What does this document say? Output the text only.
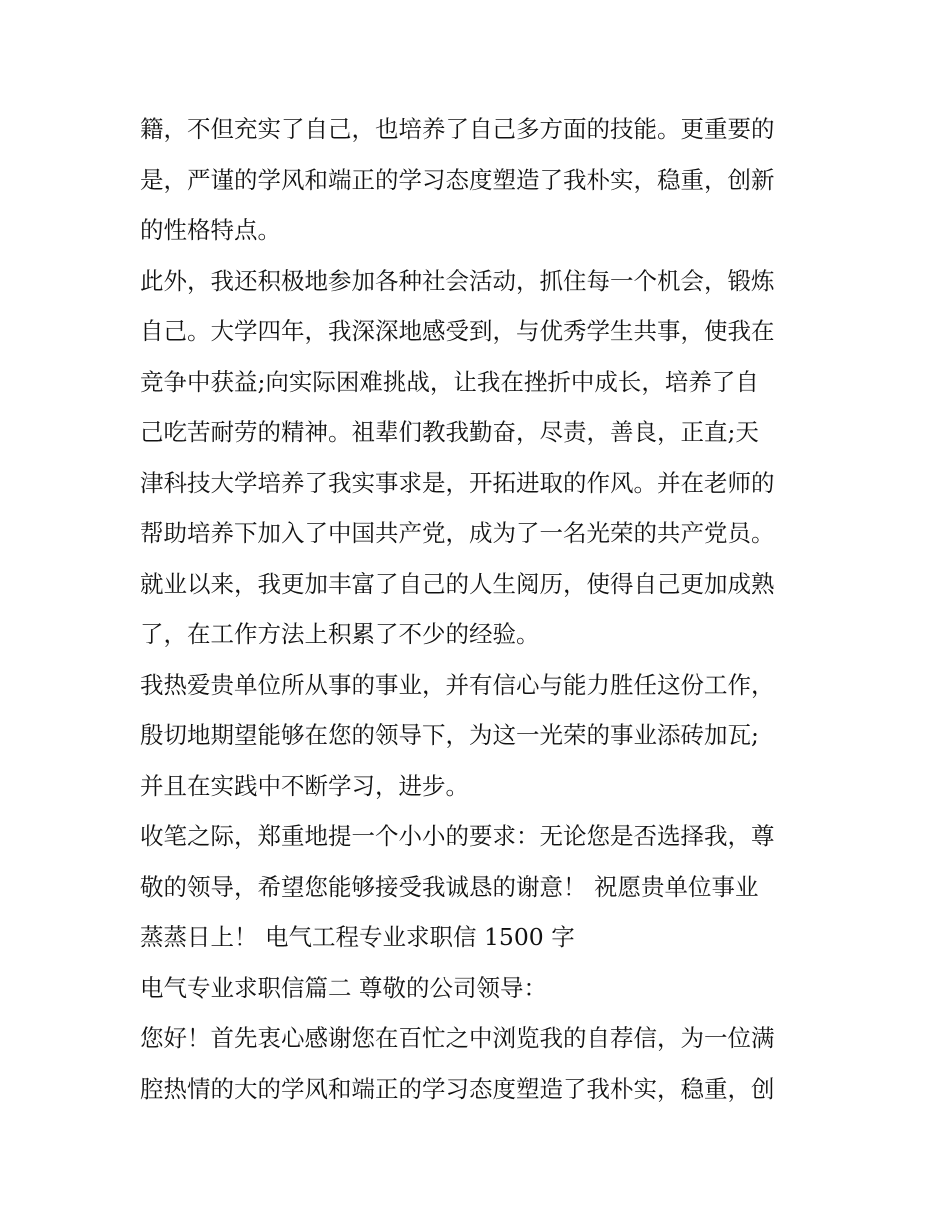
籍，不但充实了自己，也培养了自己多方面的技能。更重要的
是，严谨的学风和端正的学习态度塑造了我朴实，稳重，创新
的性格特点。
此外，我还积极地参加各种社会活动，抓住每一个机会，锻炼
自己。大学四年，我深深地感受到，与优秀学生共事，使我在
竞争中获益;向实际困难挑战，让我在挫折中成长，培养了自
己吃苦耐劳的精神。祖辈们教我勤奋，尽责，善良，正直;天
津科技大学培养了我实事求是，开拓进取的作风。并在老师的
帮助培养下加入了中国共产党，成为了一名光荣的共产党员。
就业以来，我更加丰富了自己的人生阅历，使得自己更加成熟
了，在工作方法上积累了不少的经验。
我热爱贵单位所从事的事业，并有信心与能力胜任这份工作，
殷切地期望能够在您的领导下，为这一光荣的事业添砖加瓦;
并且在实践中不断学习，进步。
收笔之际，郑重地提一个小小的要求：无论您是否选择我，尊
敬的领导，希望您能够接受我诚恳的谢意！ 祝愿贵单位事业
蒸蒸日上！ 电气工程专业求职信 1500 字
电气专业求职信篇二 尊敬的公司领导：
您好！首先衷心感谢您在百忙之中浏览我的自荐信，为一位满
腔热情的大的学风和端正的学习态度塑造了我朴实，稳重，创
